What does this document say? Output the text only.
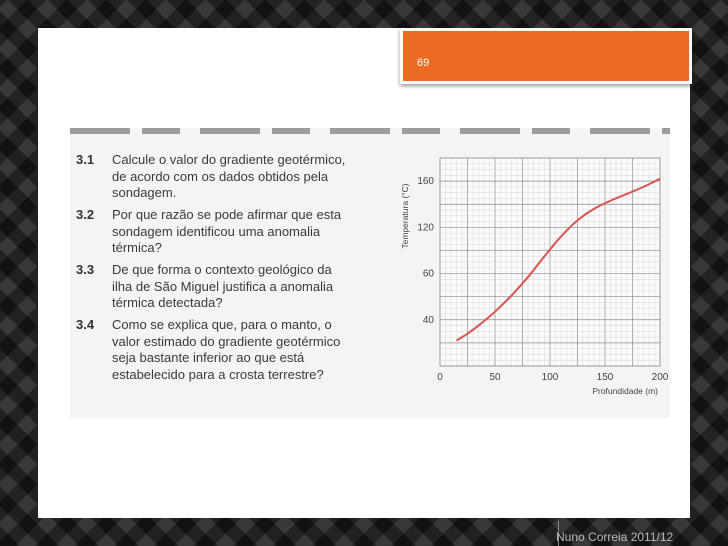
69
3.1	Calcule o valor do gradiente geotérmico, de acordo com os dados obtidos pela sondagem.
3.2	Por que razão se pode afirmar que esta sondagem identificou uma anomalia térmica?
3.3	De que forma o contexto geológico da ilha de São Miguel justifica a anomalia térmica detectada?
3.4	Como se explica que, para o manto, o valor estimado do gradiente geotérmico seja bastante inferior ao que está estabelecido para a crosta terrestre?	0	50	100	150	200
40
60
120
160
Temperatura (°C)
Profundidade (m)
Nuno Correia 2011/12
